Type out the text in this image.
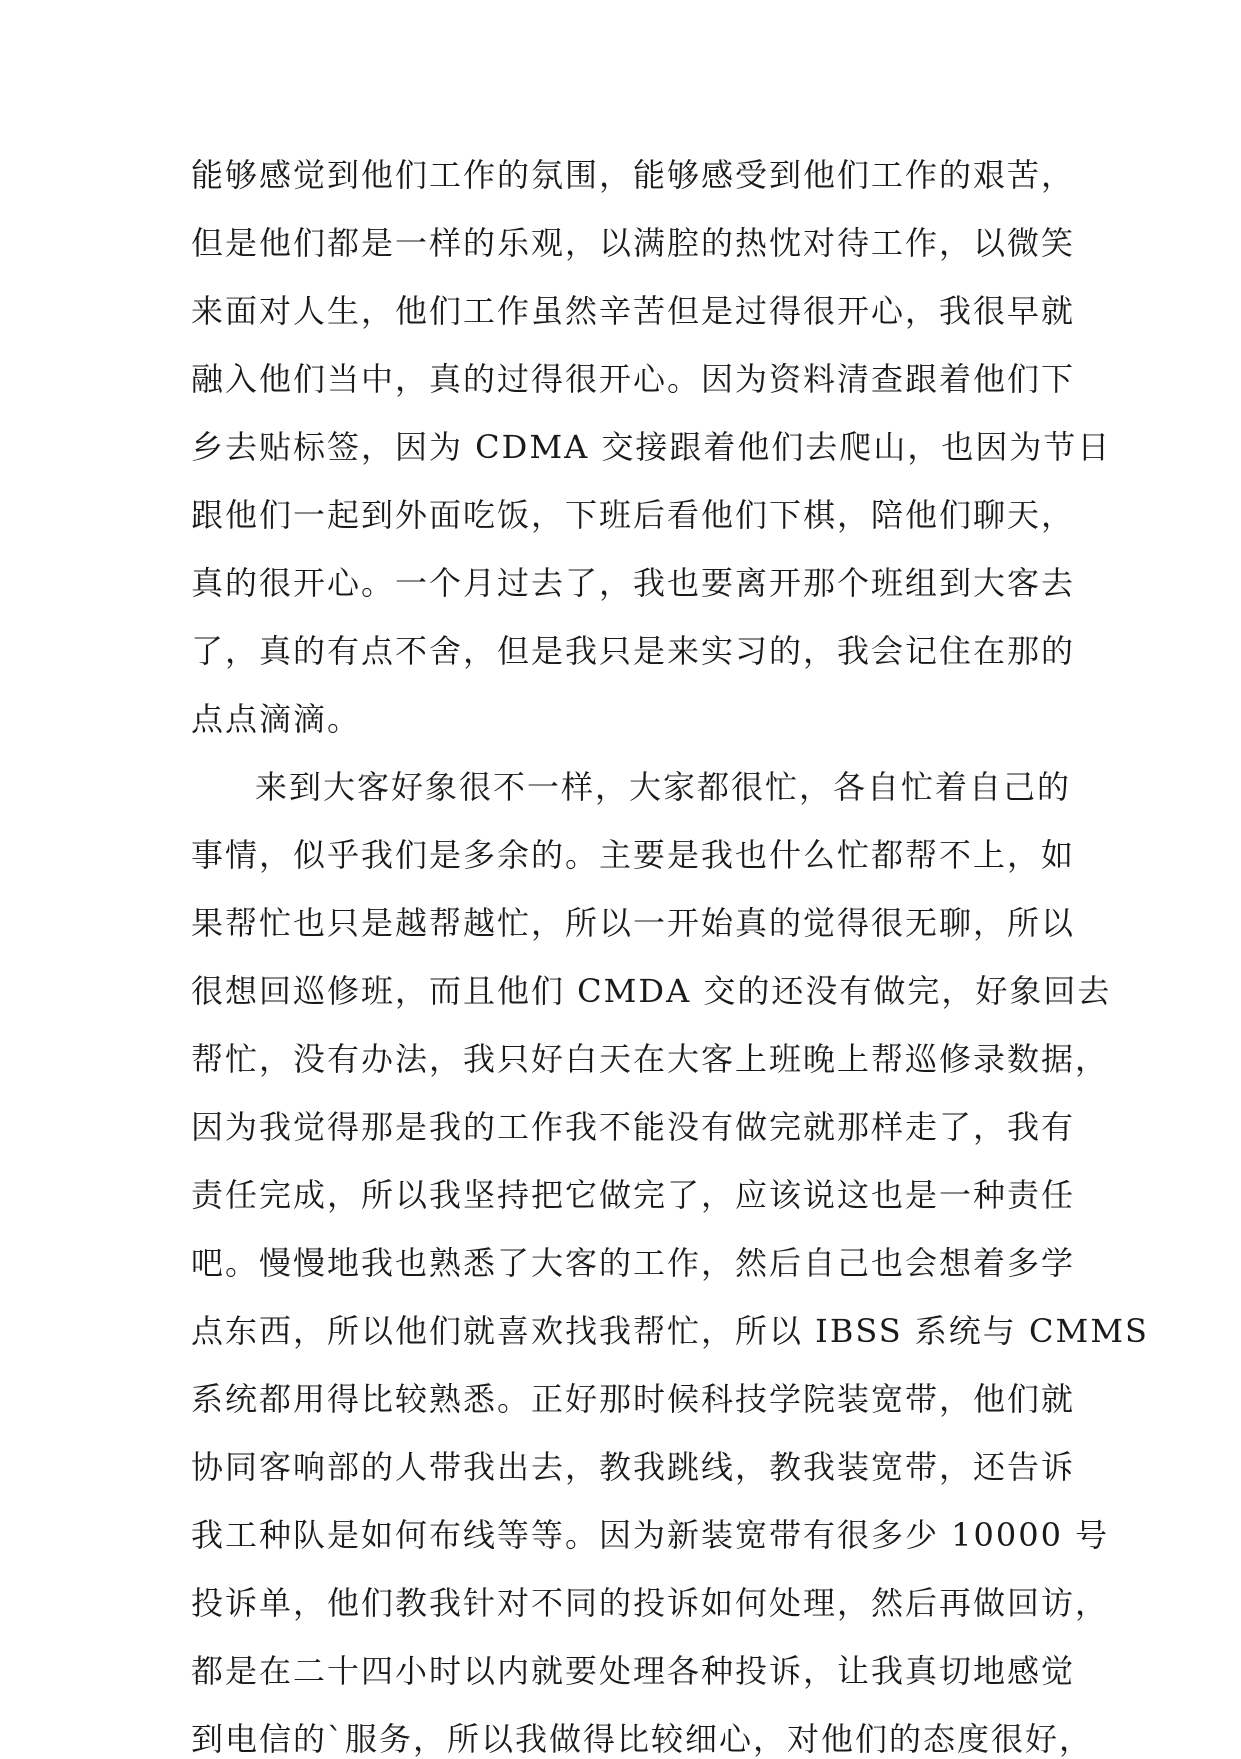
能够感觉到他们工作的氛围，能够感受到他们工作的艰苦，
但是他们都是一样的乐观，以满腔的热忱对待工作，以微笑
来面对人生，他们工作虽然辛苦但是过得很开心，我很早就
融入他们当中，真的过得很开心。因为资料清查跟着他们下
乡去贴标签，因为 CDMA 交接跟着他们去爬山，也因为节日
跟他们一起到外面吃饭，下班后看他们下棋，陪他们聊天，
真的很开心。一个月过去了，我也要离开那个班组到大客去
了，真的有点不舍，但是我只是来实习的，我会记住在那的
点点滴滴。
来到大客好象很不一样，大家都很忙，各自忙着自己的
事情，似乎我们是多余的。主要是我也什么忙都帮不上，如
果帮忙也只是越帮越忙，所以一开始真的觉得很无聊，所以
很想回巡修班，而且他们 CMDA 交的还没有做完，好象回去
帮忙，没有办法，我只好白天在大客上班晚上帮巡修录数据，
因为我觉得那是我的工作我不能没有做完就那样走了，我有
责任完成，所以我坚持把它做完了，应该说这也是一种责任
吧。慢慢地我也熟悉了大客的工作，然后自己也会想着多学
点东西，所以他们就喜欢找我帮忙，所以 IBSS 系统与 CMMS
系统都用得比较熟悉。正好那时候科技学院装宽带，他们就
协同客响部的人带我出去，教我跳线，教我装宽带，还告诉
我工种队是如何布线等等。因为新装宽带有很多少 10000 号
投诉单，他们教我针对不同的投诉如何处理，然后再做回访，
都是在二十四小时以内就要处理各种投诉，让我真切地感觉
到电信的`服务，所以我做得比较细心，对他们的态度很好，
